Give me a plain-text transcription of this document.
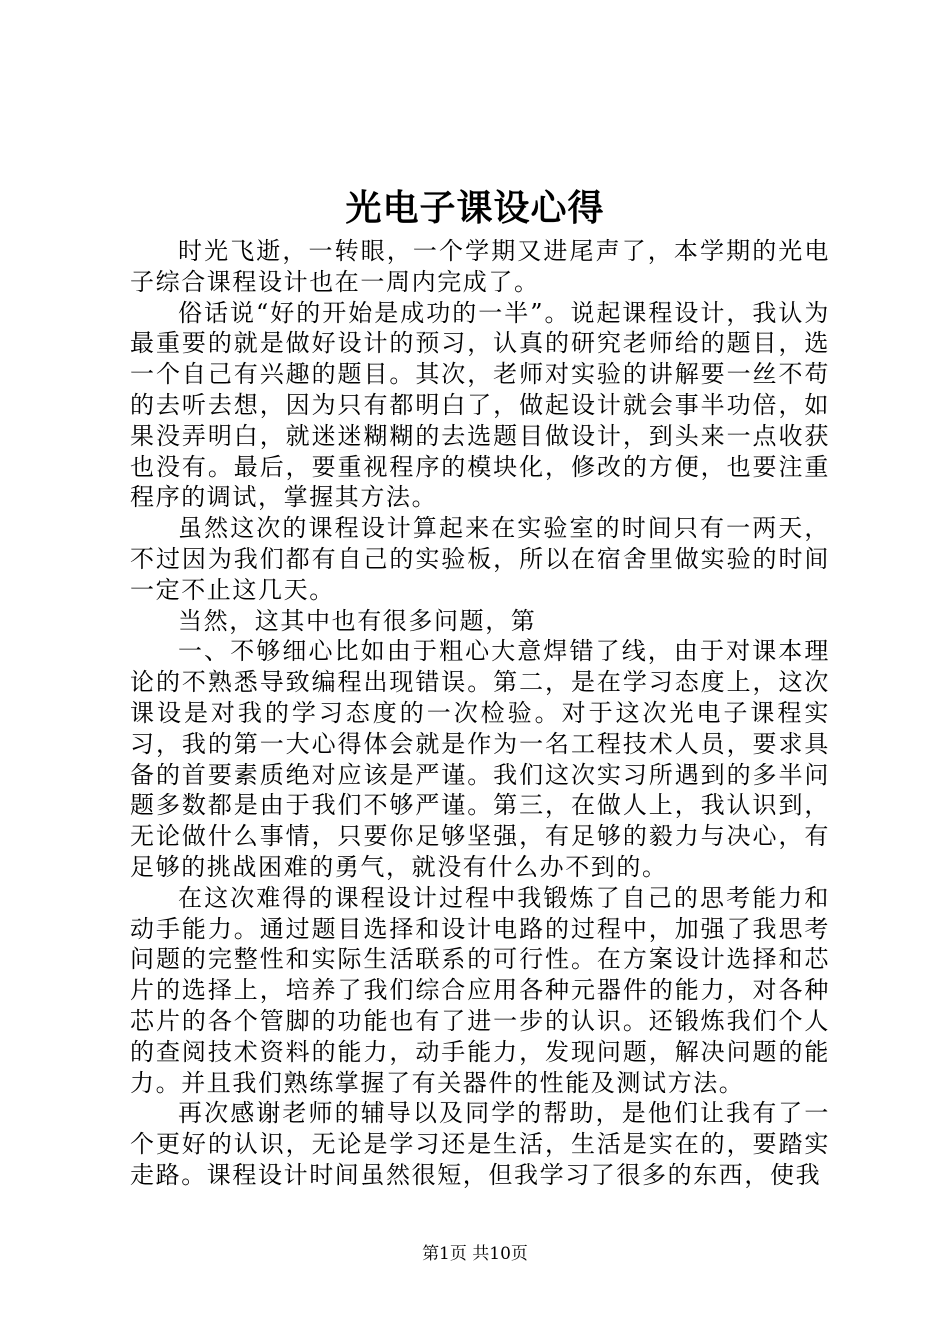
光电子课设心得

时光飞逝，一转眼，一个学期又进尾声了，本学期的光电子综合课程设计也在一周内完成了。

俗话说“好的开始是成功的一半”。说起课程设计，我认为最重要的就是做好设计的预习，认真的研究老师给的题目，选一个自己有兴趣的题目。其次，老师对实验的讲解要一丝不苟的去听去想，因为只有都明白了，做起设计就会事半功倍，如果没弄明白，就迷迷糊糊的去选题目做设计，到头来一点收获也没有。最后，要重视程序的模块化，修改的方便，也要注重程序的调试，掌握其方法。

虽然这次的课程设计算起来在实验室的时间只有一两天，不过因为我们都有自己的实验板，所以在宿舍里做实验的时间一定不止这几天。

当然，这其中也有很多问题，第

一、不够细心比如由于粗心大意焊错了线，由于对课本理论的不熟悉导致编程出现错误。第二，是在学习态度上，这次课设是对我的学习态度的一次检验。对于这次光电子课程实习，我的第一大心得体会就是作为一名工程技术人员，要求具备的首要素质绝对应该是严谨。我们这次实习所遇到的多半问题多数都是由于我们不够严谨。第三，在做人上，我认识到，无论做什么事情，只要你足够坚强，有足够的毅力与决心，有足够的挑战困难的勇气，就没有什么办不到的。

在这次难得的课程设计过程中我锻炼了自己的思考能力和动手能力。通过题目选择和设计电路的过程中，加强了我思考问题的完整性和实际生活联系的可行性。在方案设计选择和芯片的选择上，培养了我们综合应用各种元器件的能力，对各种芯片的各个管脚的功能也有了进一步的认识。还锻炼我们个人的查阅技术资料的能力，动手能力，发现问题，解决问题的能力。并且我们熟练掌握了有关器件的性能及测试方法。

再次感谢老师的辅导以及同学的帮助，是他们让我有了一个更好的认识，无论是学习还是生活，生活是实在的，要踏实走路。课程设计时间虽然很短，但我学习了很多的东西，使我

第1页 共10页
